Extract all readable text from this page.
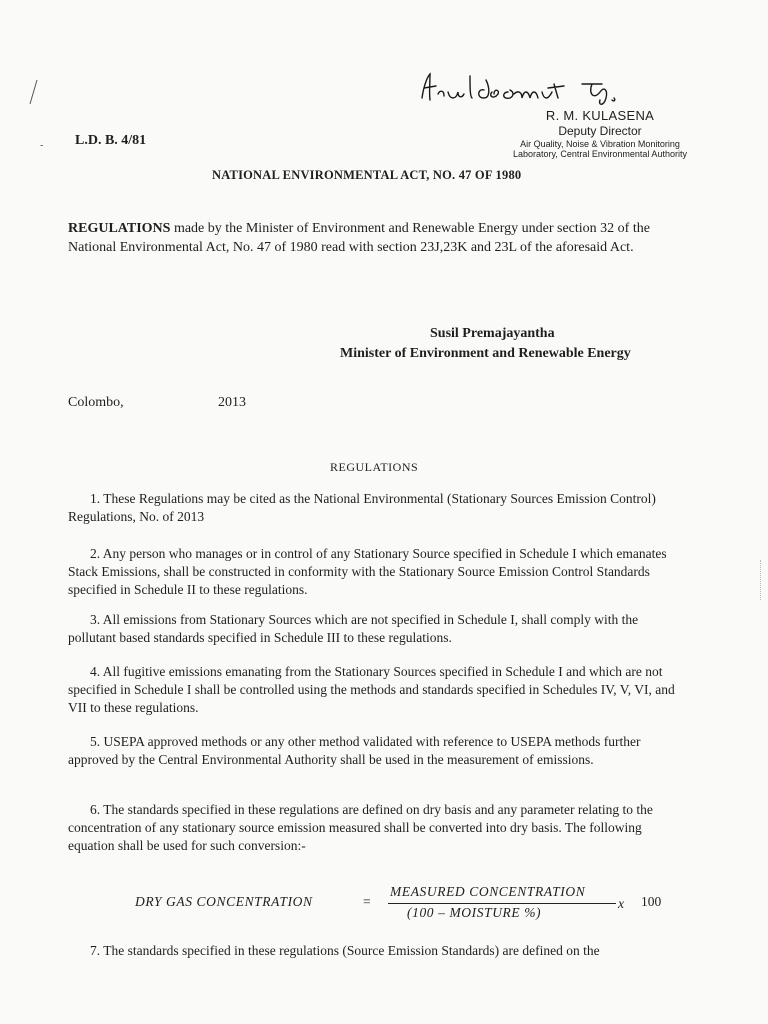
-
R. M. KULASENA
Deputy Director
Air Quality, Noise & Vibration Monitoring
Laboratory, Central Environmental Authority
L.D. B. 4/81
NATIONAL ENVIRONMENTAL ACT, NO. 47 OF 1980
REGULATIONS made by the Minister of Environment and Renewable Energy under section 32 of the National Environmental Act, No. 47 of 1980 read with section 23J,23K and 23L of the aforesaid Act.
Susil Premajayantha
Minister of Environment and Renewable Energy
Colombo,	2013
REGULATIONS
1. These Regulations may be cited as the National Environmental (Stationary Sources Emission Control) Regulations, No. of 2013
2. Any person who manages or in control of any Stationary Source specified in Schedule I which emanates Stack Emissions, shall be constructed in conformity with the Stationary Source Emission Control Standards specified in Schedule II to these regulations.
3. All emissions from Stationary Sources which are not specified in Schedule I, shall comply with the pollutant based standards specified in Schedule III to these regulations.
4. All fugitive emissions emanating from the Stationary Sources specified in Schedule I and which are not specified in Schedule I shall be controlled using the methods and standards specified in Schedules IV, V, VI, and VII to these regulations.
5. USEPA approved methods or any other method validated with reference to USEPA methods further approved by the Central Environmental Authority shall be used in the measurement of emissions.
6. The standards specified in these regulations are defined on dry basis and any parameter relating to the concentration of any stationary source emission measured shall be converted into dry basis. The following equation shall be used for such conversion:-
DRY GAS CONCENTRATION	=
MEASURED CONCENTRATION
(100 – MOISTURE %)
x 100
7. The standards specified in these regulations (Source Emission Standards) are defined on the
